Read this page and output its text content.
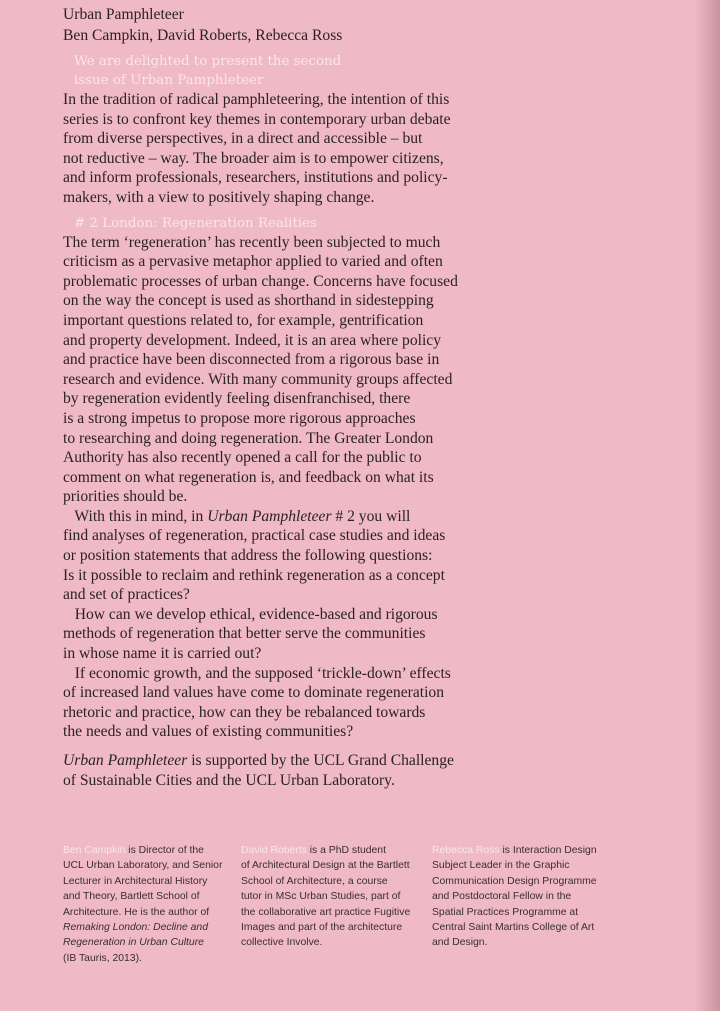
Urban Pamphleteer
Ben Campkin, David Roberts, Rebecca Ross
We are delighted to present the second
issue of Urban Pamphleteer
In the tradition of radical pamphleteering, the intention of this
series is to confront key themes in contemporary urban debate
from diverse perspectives, in a direct and accessible – but
not reductive – way. The broader aim is to empower citizens,
and inform professionals, researchers, institutions and policy-
makers, with a view to positively shaping change.
# 2 London: Regeneration Realities
The term ‘regeneration’ has recently been subjected to much
criticism as a pervasive metaphor applied to varied and often
problematic processes of urban change. Concerns have focused
on the way the concept is used as shorthand in sidestepping
important questions related to, for example, gentrification
and property development. Indeed, it is an area where policy
and practice have been disconnected from a rigorous base in
research and evidence. With many community groups affected
by regeneration evidently feeling disenfranchised, there
is a strong impetus to propose more rigorous approaches
to researching and doing regeneration. The Greater London
Authority has also recently opened a call for the public to
comment on what regeneration is, and feedback on what its
priorities should be.
With this in mind, in Urban Pamphleteer # 2 you will
find analyses of regeneration, practical case studies and ideas
or position statements that address the following questions:
Is it possible to reclaim and rethink regeneration as a concept
and set of practices?
How can we develop ethical, evidence-based and rigorous
methods of regeneration that better serve the communities
in whose name it is carried out?
If economic growth, and the supposed ‘trickle-down’ effects
of increased land values have come to dominate regeneration
rhetoric and practice, how can they be rebalanced towards
the needs and values of existing communities?
Urban Pamphleteer is supported by the UCL Grand Challenge
of Sustainable Cities and the UCL Urban Laboratory.
Ben Campkin is Director of the
UCL Urban Laboratory, and Senior
Lecturer in Architectural History
and Theory, Bartlett School of
Architecture. He is the author of
Remaking London: Decline and
Regeneration in Urban Culture
(IB Tauris, 2013).
David Roberts is a PhD student
of Architectural Design at the Bartlett
School of Architecture, a course
tutor in MSc Urban Studies, part of
the collaborative art practice Fugitive
Images and part of the architecture
collective Involve.
Rebecca Ross is Interaction Design
Subject Leader in the Graphic
Communication Design Programme
and Postdoctoral Fellow in the
Spatial Practices Programme at
Central Saint Martins College of Art
and Design.
